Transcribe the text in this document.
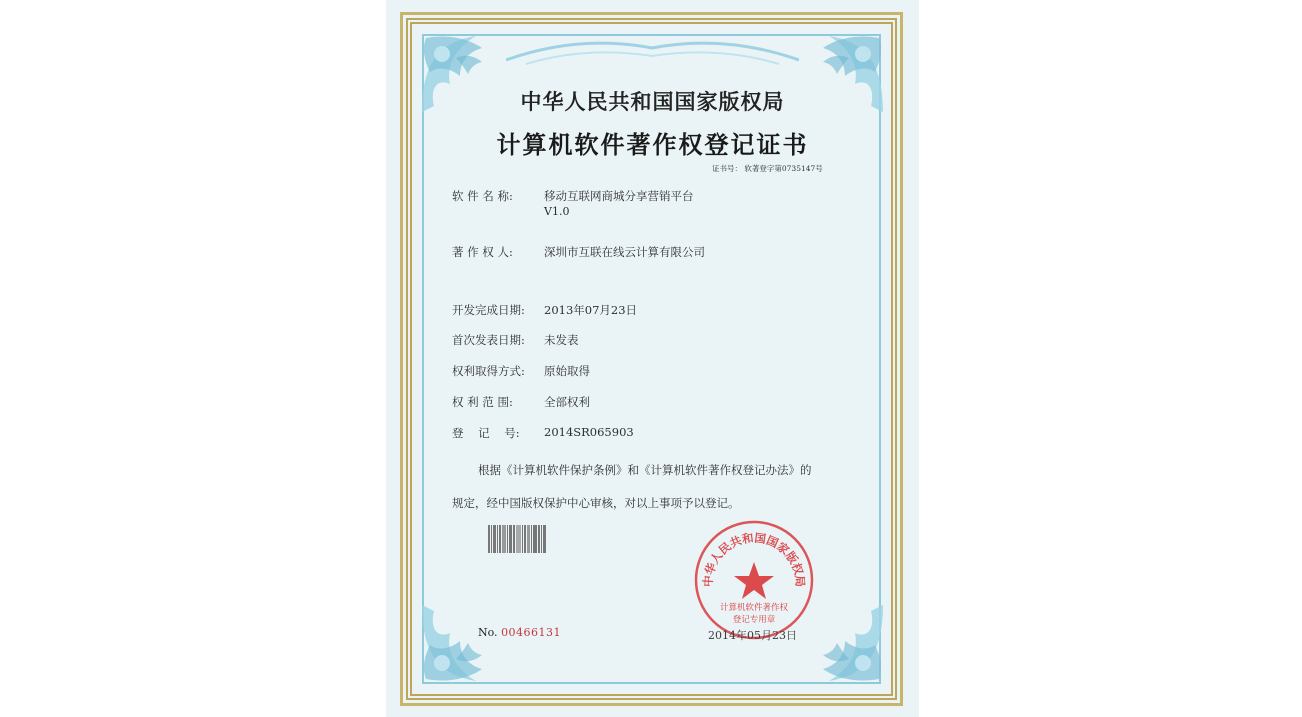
中华人民共和国国家版权局
计算机软件著作权登记证书
证书号： 软著登字第0735147号
软 件 名 称:	移动互联网商城分享营销平台
V1.0
著 作 权 人:	深圳市互联在线云计算有限公司
开发完成日期:	2013年07月23日
首次发表日期:	未发表
权利取得方式:	原始取得
权 利 范 围:	全部权利
登    记    号:	2014SR065903
根据《计算机软件保护条例》和《计算机软件著作权登记办法》的
规定，经中国版权保护中心审核，对以上事项予以登记。
中华人民共和国国家版权局
计算机软件著作权
登记专用章
No. 00466131	2014年05月23日
